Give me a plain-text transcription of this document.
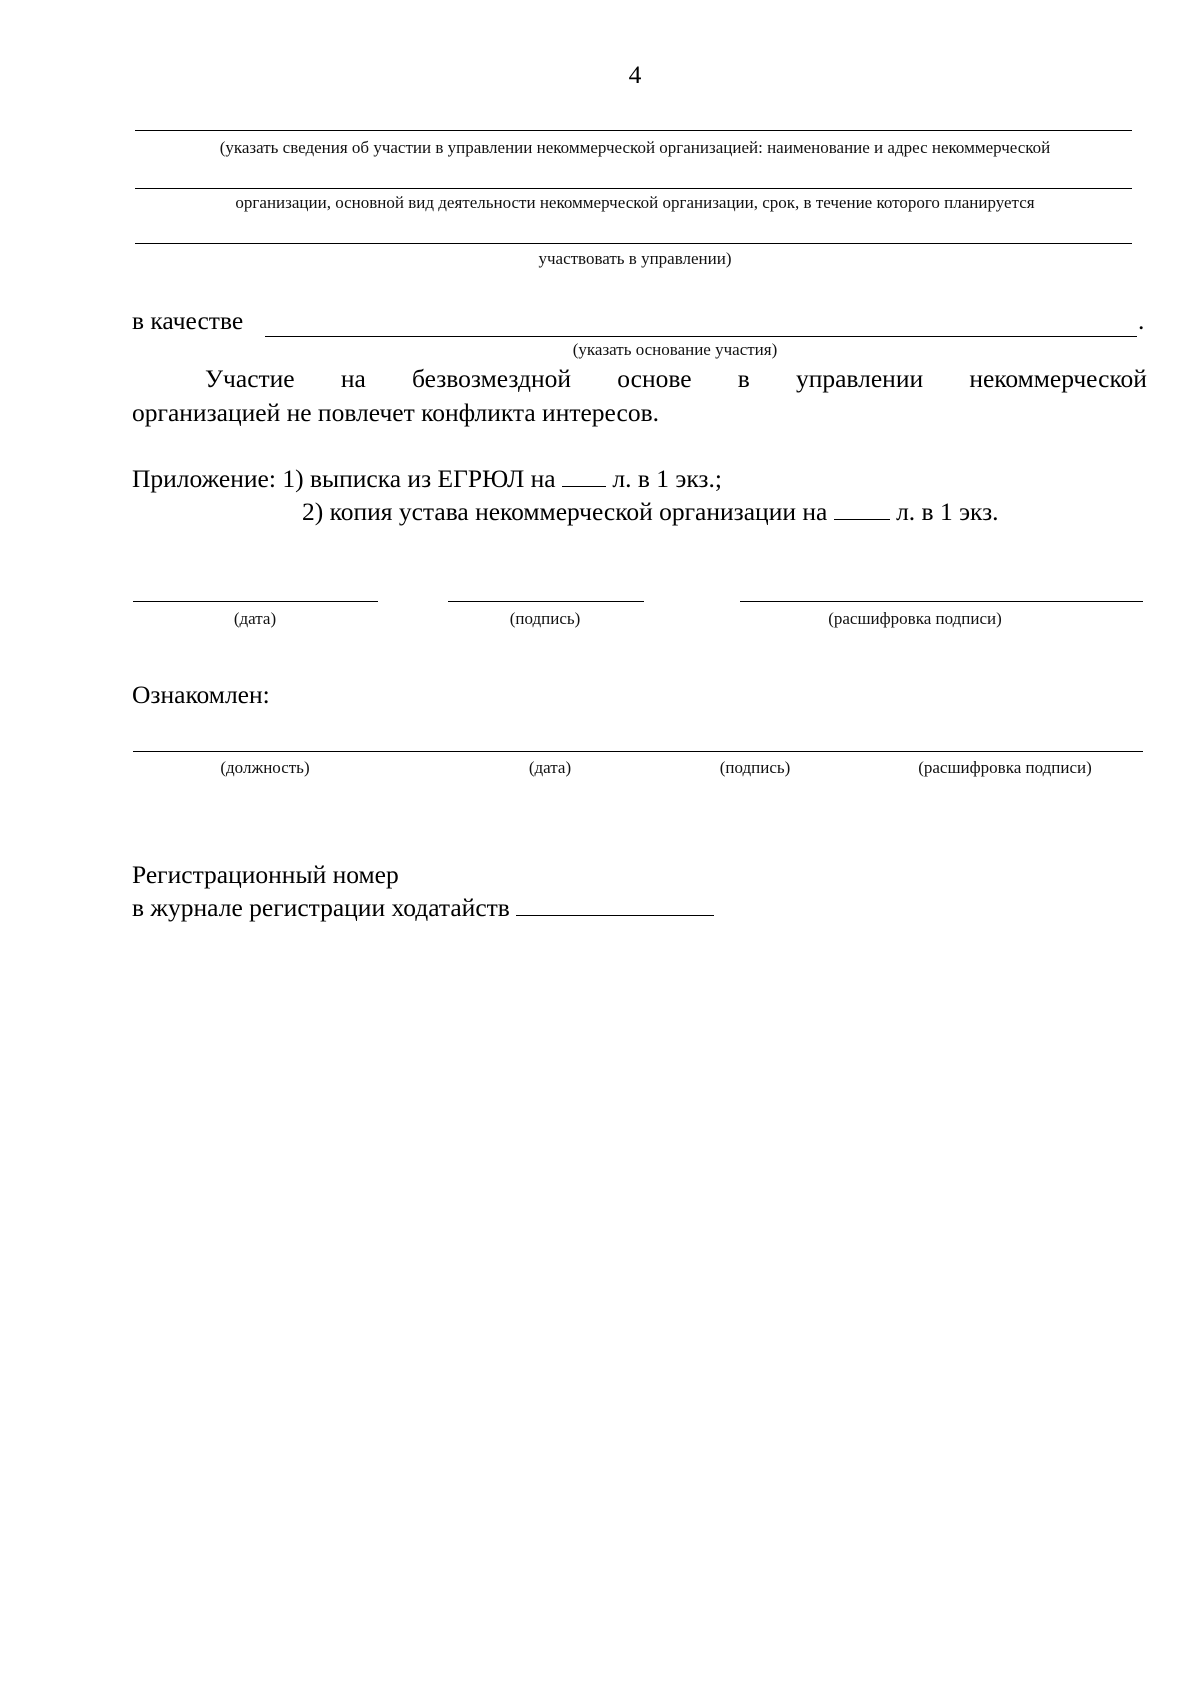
4
(указать сведения об участии в управлении некоммерческой организацией: наименование и адрес некоммерческой
организации, основной вид деятельности некоммерческой организации, срок, в течение которого планируется
участвовать в управлении)
в качестве	.
(указать основание участия)
Участие на безвозмездной основе в управлении некоммерческой
организацией не повлечет конфликта интересов.
Приложение: 1) выписка из ЕГРЮЛ на л. в 1 экз.;
2) копия устава некоммерческой организации на	л. в 1 экз.
(дата)	(подпись)	(расшифровка подписи)
Ознакомлен:
(должность)	(дата)	(подпись)	(расшифровка подписи)
Регистрационный номер
в журнале регистрации ходатайств
